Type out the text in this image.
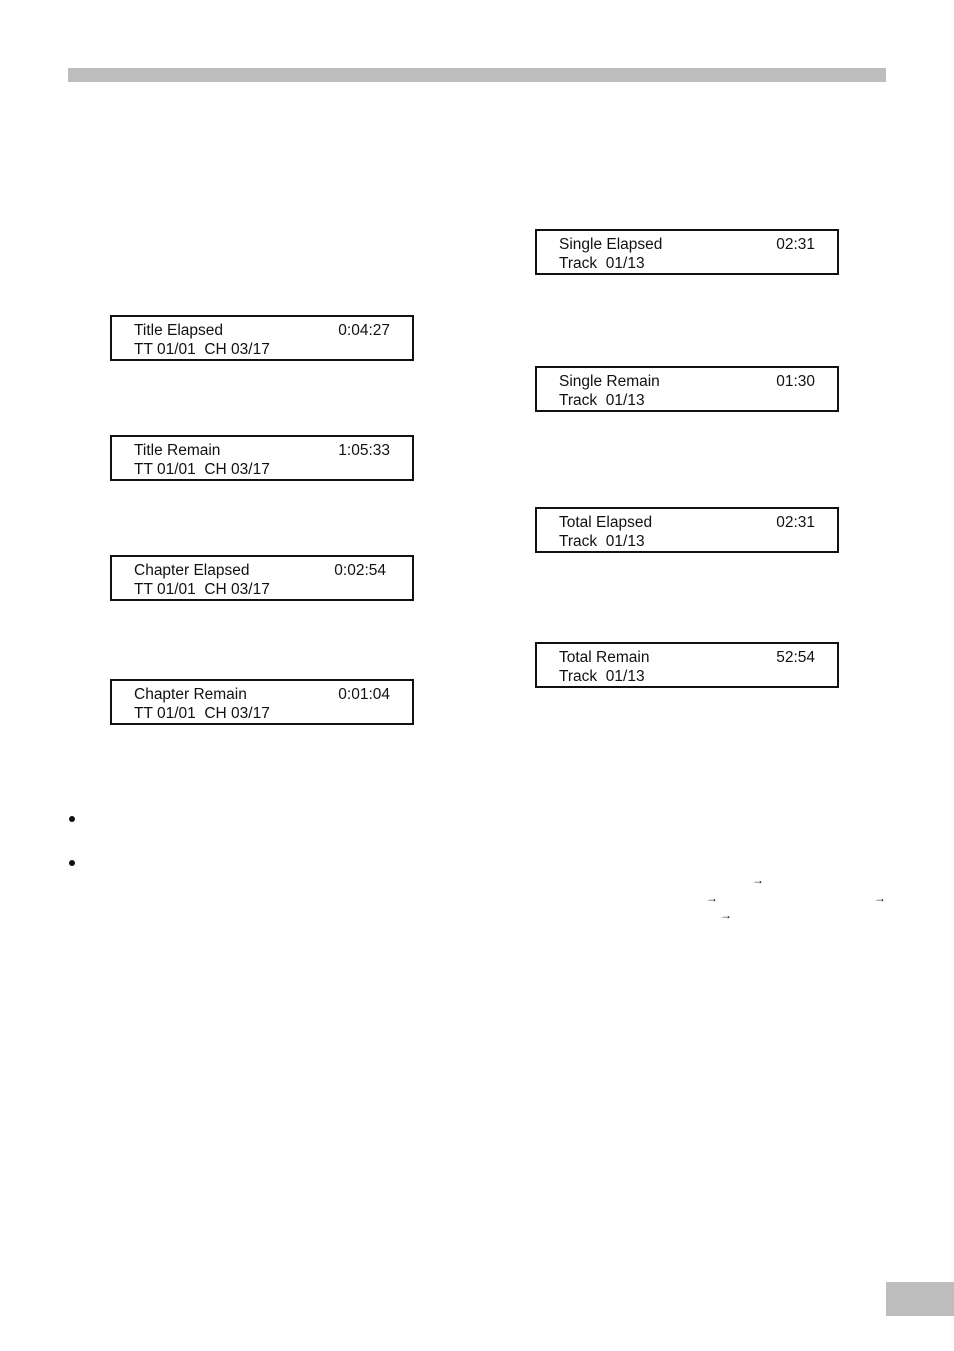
Title Elapsed	0:04:27
TT 01/01  CH 03/17
Title Remain	1:05:33
TT 01/01  CH 03/17
Chapter Elapsed	0:02:54
TT 01/01  CH 03/17
Chapter Remain	0:01:04
TT 01/01  CH 03/17
Single Elapsed	02:31
Track  01/13
Single Remain	01:30
Track  01/13
Total Elapsed	02:31
Track  01/13
Total Remain	52:54
Track  01/13
→
→	→
→
